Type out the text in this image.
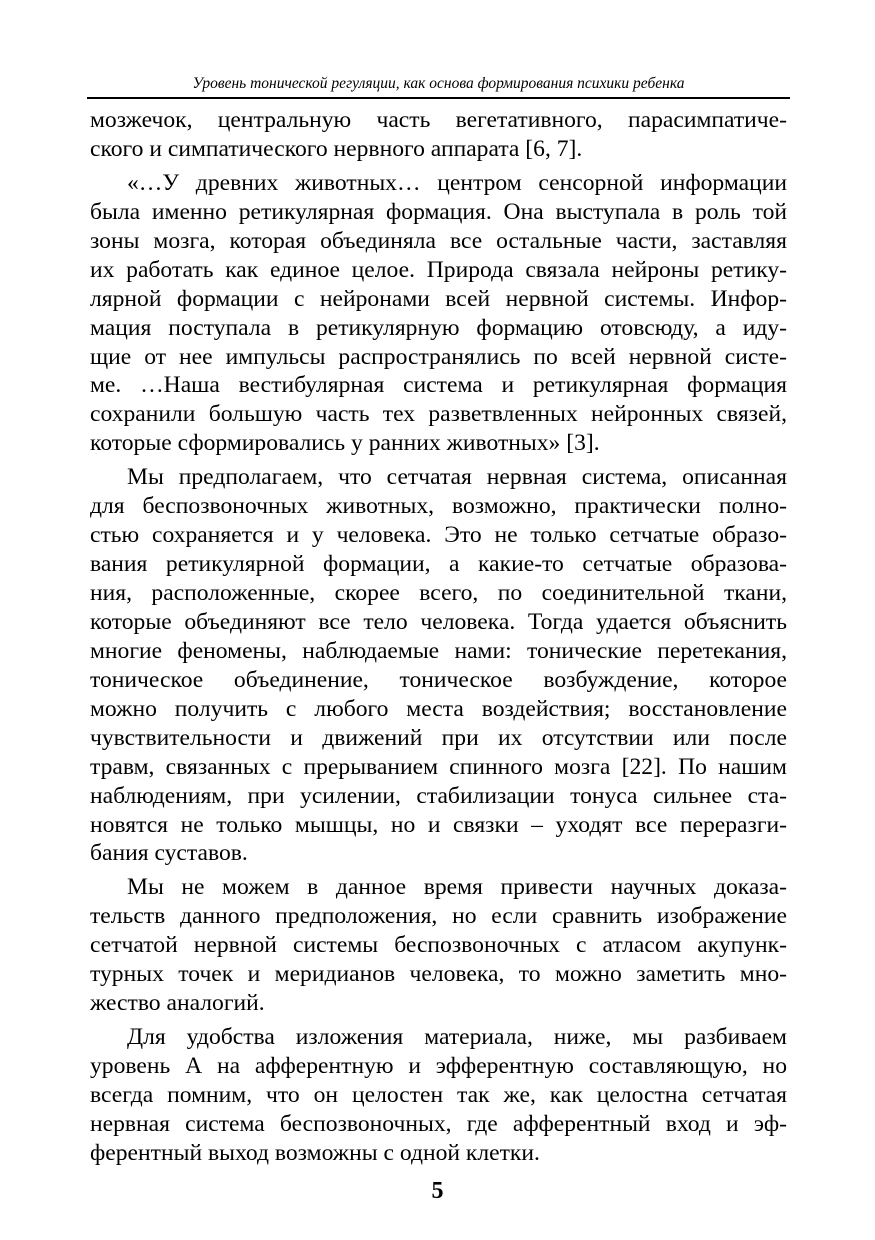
Уровень тонической регуляции, как основа формирования психики ребенка
мозжечок, центральную часть вегетативного, парасимпатиче-
ского и симпатического нервного аппарата [6, 7].
«…У древних животных… центром сенсорной информации
была именно ретикулярная формация. Она выступала в роль той
зоны мозга, которая объединяла все остальные части, заставляя
их работать как единое целое. Природа связала нейроны ретику-
лярной формации с нейронами всей нервной системы. Инфор-
мация поступала в ретикулярную формацию отовсюду, а иду-
щие от нее импульсы распространялись по всей нервной систе-
ме. …Наша вестибулярная система и ретикулярная формация
сохранили большую часть тех разветвленных нейронных связей,
которые сформировались у ранних животных» [3].
Мы предполагаем, что сетчатая нервная система, описанная
для беспозвоночных животных, возможно, практически полно-
стью сохраняется и у человека. Это не только сетчатые образо-
вания ретикулярной формации, а какие-то сетчатые образова-
ния, расположенные, скорее всего, по соединительной ткани,
которые объединяют все тело человека. Тогда удается объяснить
многие феномены, наблюдаемые нами: тонические перетекания,
тоническое объединение, тоническое возбуждение, которое
можно получить с любого места воздействия; восстановление
чувствительности и движений при их отсутствии или после
травм, связанных с прерыванием спинного мозга [22]. По нашим
наблюдениям, при усилении, стабилизации тонуса сильнее ста-
новятся не только мышцы, но и связки – уходят все переразги-
бания суставов.
Мы не можем в данное время привести научных доказа-
тельств данного предположения, но если сравнить изображение
сетчатой нервной системы беспозвоночных с атласом акупунк-
турных точек и меридианов человека, то можно заметить мно-
жество аналогий.
Для удобства изложения материала, ниже, мы разбиваем
уровень А на афферентную и эфферентную составляющую, но
всегда помним, что он целостен так же, как целостна сетчатая
нервная система беспозвоночных, где афферентный вход и эф-
ферентный выход возможны с одной клетки.
5
